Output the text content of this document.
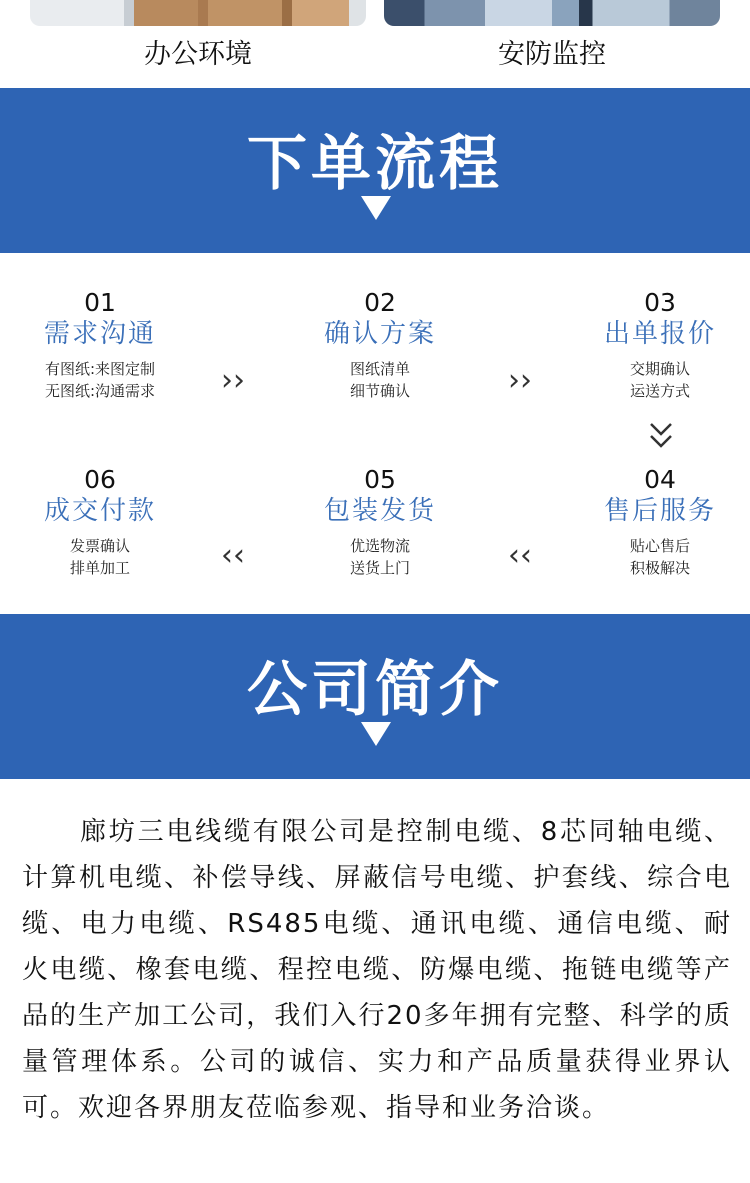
办公环境	安防监控
下单流程
01
需求沟通
有图纸:来图定制
无图纸:沟通需求	››
02
确认方案
图纸清单
细节确认	››
03
出单报价
交期确认
运送方式
06
成交付款
发票确认
排单加工	‹‹
05
包装发货
优选物流
送货上门	‹‹
04
售后服务
贴心售后
积极解决
公司简介

廊坊三电线缆有限公司是控制电缆、8芯同轴电缆、计算机电缆、补偿导线、屏蔽信号电缆、护套线、综合电缆、电力电缆、RS485电缆、通讯电缆、通信电缆、耐火电缆、橡套电缆、程控电缆、防爆电缆、拖链电缆等产品的生产加工公司，我们入行20多年拥有完整、科学的质量管理体系。公司的诚信、实力和产品质量获得业界认可。欢迎各界朋友莅临参观、指导和业务洽谈。
